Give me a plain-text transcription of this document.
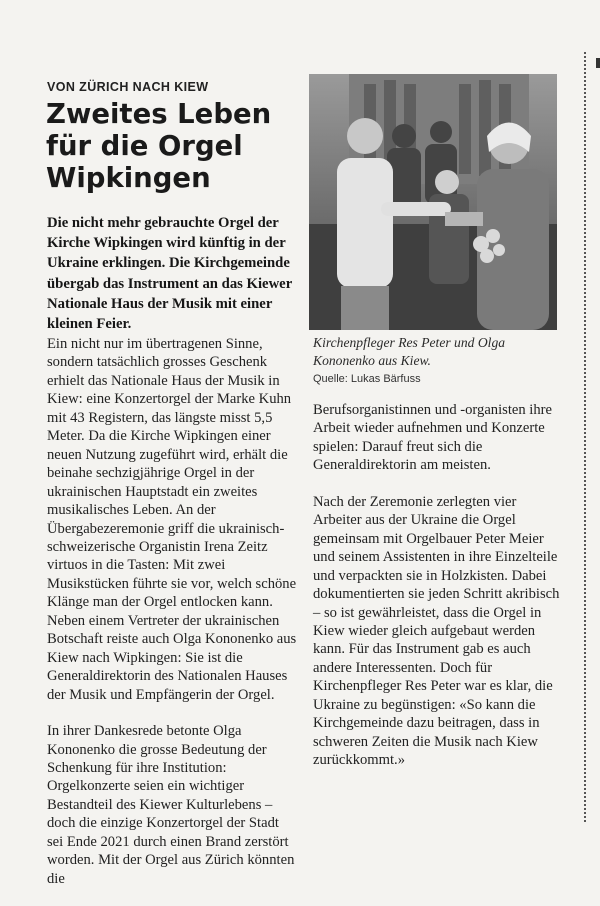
VON ZÜRICH NACH KIEW
Zweites Leben für die Orgel Wipkingen
Die nicht mehr gebrauchte Orgel der Kirche Wipkingen wird künftig in der Ukraine erklingen. Die Kirchgemeinde übergab das Instrument an das Kiewer Nationale Haus der Musik mit einer kleinen Feier.

Ein nicht nur im übertragenen Sinne, sondern tatsächlich grosses Geschenk erhielt das Nationale Haus der Musik in Kiew: eine Konzertorgel der Marke Kuhn mit 43 Registern, das längste misst 5,5 Meter. Da die Kirche Wipkingen einer neuen Nutzung zugeführt wird, erhält die beinahe sechzigjährige Orgel in der ukrainischen Hauptstadt ein zweites musikalisches Leben. An der Übergabezeremonie griff die ukrainisch-schweizerische Organistin Irena Zeitz virtuos in die Tasten: Mit zwei Musikstücken führte sie vor, welch schöne Klänge man der Orgel entlocken kann. Neben einem Vertreter der ukrainischen Botschaft reiste auch Olga Kononenko aus Kiew nach Wipkingen: Sie ist die Generaldirektorin des Nationalen Hauses der Musik und Empfängerin der Orgel.

In ihrer Dankesrede betonte Olga Kononenko die grosse Bedeutung der Schenkung für ihre Institution: Orgelkonzerte seien ein wichtiger Bestandteil des Kiewer Kulturlebens – doch die einzige Konzertorgel der Stadt sei Ende 2021 durch einen Brand zerstört worden. Mit der Orgel aus Zürich könnten die

Kirchenpfleger Res Peter und Olga Kononenko aus Kiew.
Quelle: Lukas Bärfuss

Berufsorganistinnen und -organisten ihre Arbeit wieder aufnehmen und Konzerte spielen: Darauf freut sich die Generaldirektorin am meisten.

Nach der Zeremonie zerlegten vier Arbeiter aus der Ukraine die Orgel gemeinsam mit Orgelbauer Peter Meier und seinem Assistenten in ihre Einzelteile und verpackten sie in Holzkisten. Dabei dokumentierten sie jeden Schritt akribisch – so ist gewährleistet, dass die Orgel in Kiew wieder gleich aufgebaut werden kann. Für das Instrument gab es auch andere Interessenten. Doch für Kirchenpfleger Res Peter war es klar, die Ukraine zu begünstigen: «So kann die Kirchgemeinde dazu beitragen, dass in schweren Zeiten die Musik nach Kiew zurückkommt.»
